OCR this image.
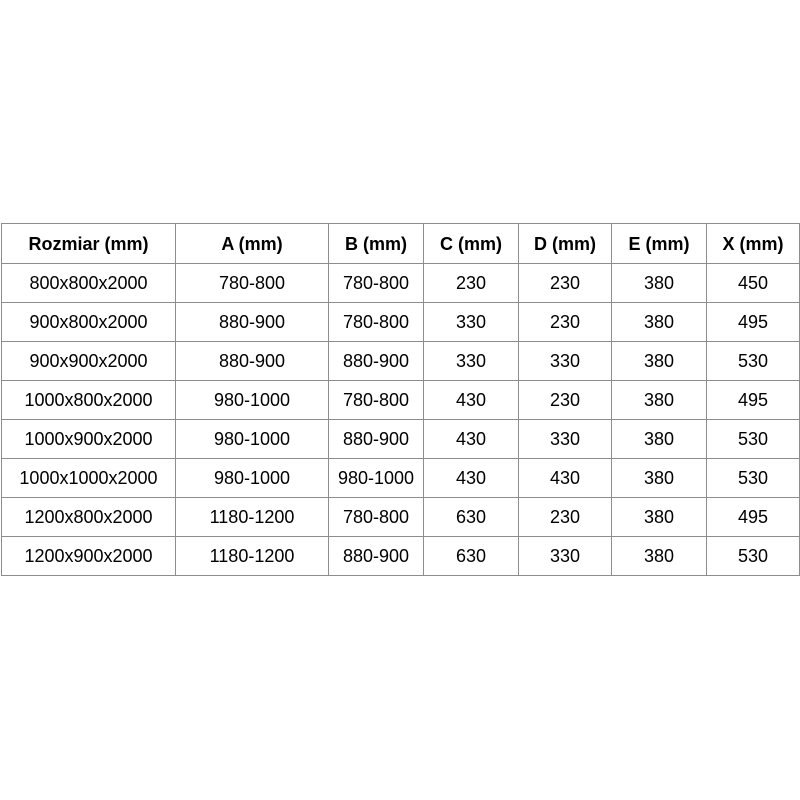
Rozmiar (mm)	A (mm)	B (mm)	C (mm)	D (mm)	E (mm)	X (mm)
800x800x2000	780-800	780-800	230	230	380	450
900x800x2000	880-900	780-800	330	230	380	495
900x900x2000	880-900	880-900	330	330	380	530
1000x800x2000	980-1000	780-800	430	230	380	495
1000x900x2000	980-1000	880-900	430	330	380	530
1000x1000x2000	980-1000	980-1000	430	430	380	530
1200x800x2000	1180-1200	780-800	630	230	380	495
1200x900x2000	1180-1200	880-900	630	330	380	530
